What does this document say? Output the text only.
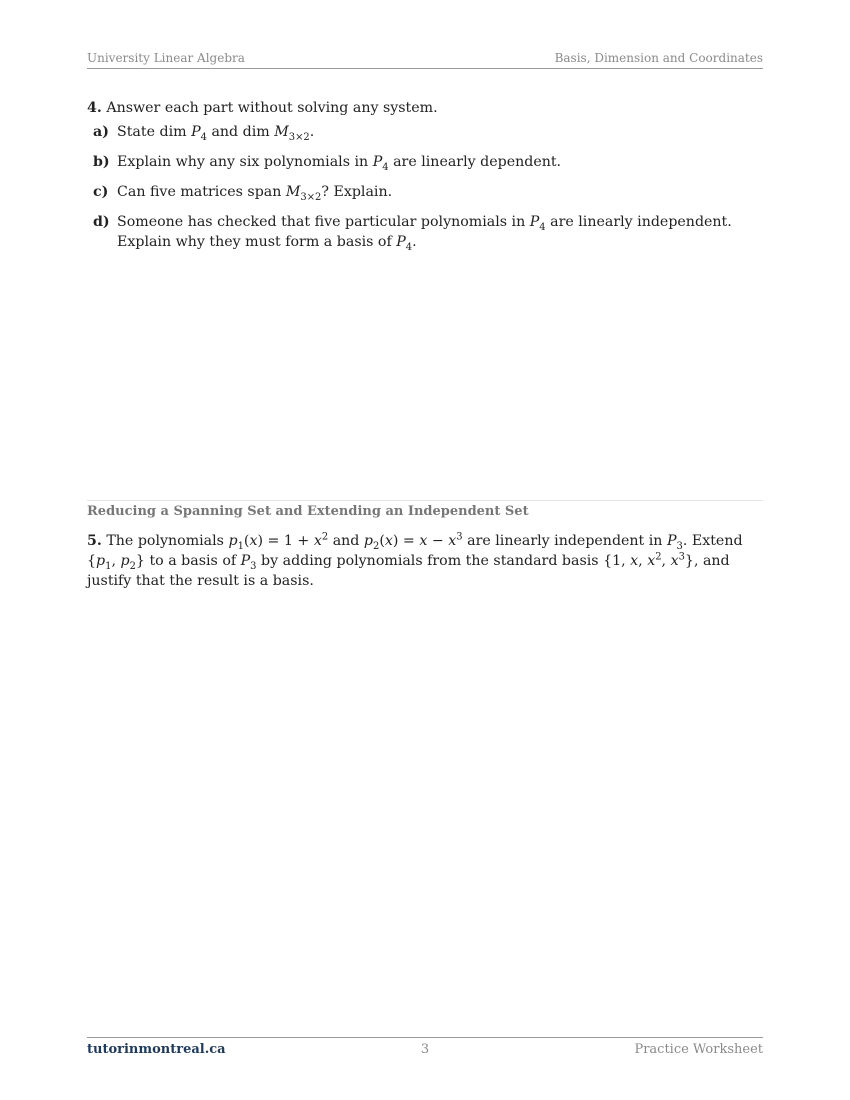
University Linear Algebra	Basis, Dimension and Coordinates
4. Answer each part without solving any system.
a) State dim $P_4$ and dim $M_{3\times 2}$.
b) Explain why any six polynomials in $P_4$ are linearly dependent.
c) Can five matrices span $M_{3\times 2}$? Explain.
d) Someone has checked that five particular polynomials in $P_4$ are linearly independent. Explain why they must form a basis of $P_4$.
Reducing a Spanning Set and Extending an Independent Set
5. The polynomials $p_1(x) = 1 + x^2$ and $p_2(x) = x - x^3$ are linearly independent in $P_3$. Extend {$p_1$, $p_2$} to a basis of $P_3$ by adding polynomials from the standard basis {1, x, $x^2$, $x^3$}, and justify that the result is a basis.
tutorinmontreal.ca	3	Practice Worksheet
